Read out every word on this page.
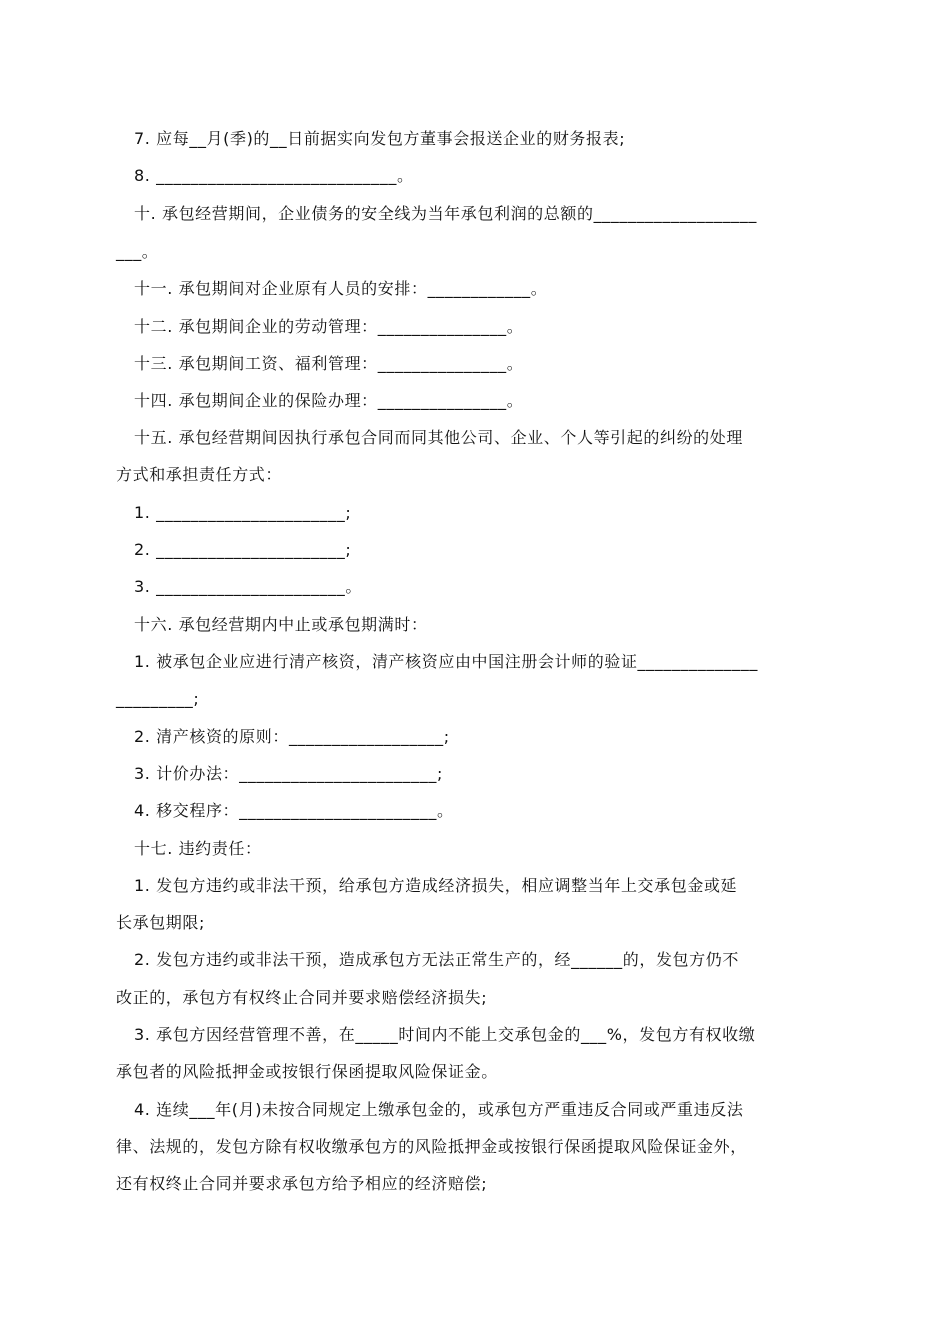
7. 应每__月(季)的__日前据实向发包方董事会报送企业的财务报表;
8. ____________________________。
十. 承包经营期间，企业债务的安全线为当年承包利润的总额的___________________
___。
十一. 承包期间对企业原有人员的安排：____________。
十二. 承包期间企业的劳动管理：_______________。
十三. 承包期间工资、福利管理：_______________。
十四. 承包期间企业的保险办理：_______________。
十五. 承包经营期间因执行承包合同而同其他公司、企业、个人等引起的纠纷的处理
方式和承担责任方式：
1. ______________________;
2. ______________________;
3. ______________________。
十六. 承包经营期内中止或承包期满时：
1. 被承包企业应进行清产核资，清产核资应由中国注册会计师的验证______________
_________;
2. 清产核资的原则：__________________;
3. 计价办法：_______________________;
4. 移交程序：_______________________。
十七. 违约责任：
1. 发包方违约或非法干预，给承包方造成经济损失，相应调整当年上交承包金或延
长承包期限;
2. 发包方违约或非法干预，造成承包方无法正常生产的，经______的，发包方仍不
改正的，承包方有权终止合同并要求赔偿经济损失;
3. 承包方因经营管理不善，在_____时间内不能上交承包金的___%，发包方有权收缴
承包者的风险抵押金或按银行保函提取风险保证金。
4. 连续___年(月)未按合同规定上缴承包金的，或承包方严重违反合同或严重违反法
律、法规的，发包方除有权收缴承包方的风险抵押金或按银行保函提取风险保证金外，
还有权终止合同并要求承包方给予相应的经济赔偿;
